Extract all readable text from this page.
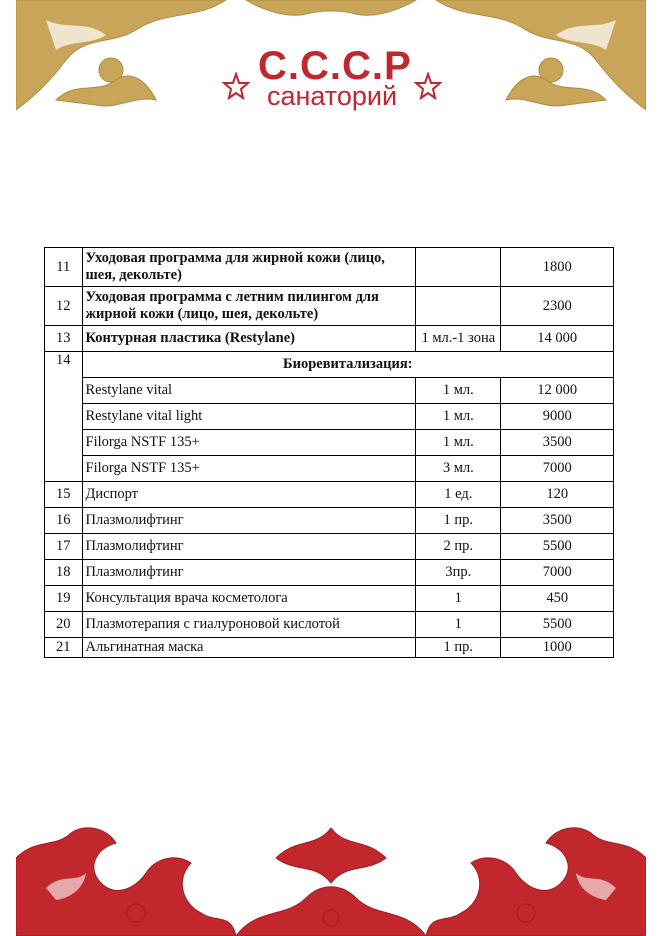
С.С.С.Р
санаторий
11	Уходовая программа для жирной кожи (лицо, шея, декольте)		1800
12	Уходовая программа с летним пилингом для жирной кожи (лицо, шея, декольте)		2300
13	Контурная пластика (Restylane)	1 мл.-1 зона	14 000
14	Биоревитализация:		
	Restylane vital	1 мл.	12 000
	Restylane vital light	1 мл.	9000
	Filorga NSTF 135+	1 мл.	3500
	Filorga NSTF 135+	3 мл.	7000
15	Диспорт	1 ед.	120
16	Плазмолифтинг	1 пр.	3500
17	Плазмолифтинг	2 пр.	5500
18	Плазмолифтинг	3пр.	7000
19	Консультация врача косметолога	1	450
20	Плазмотерапия с гиалуроновой кислотой	1	5500
21	Альгинатная маска	1 пр.	1000
